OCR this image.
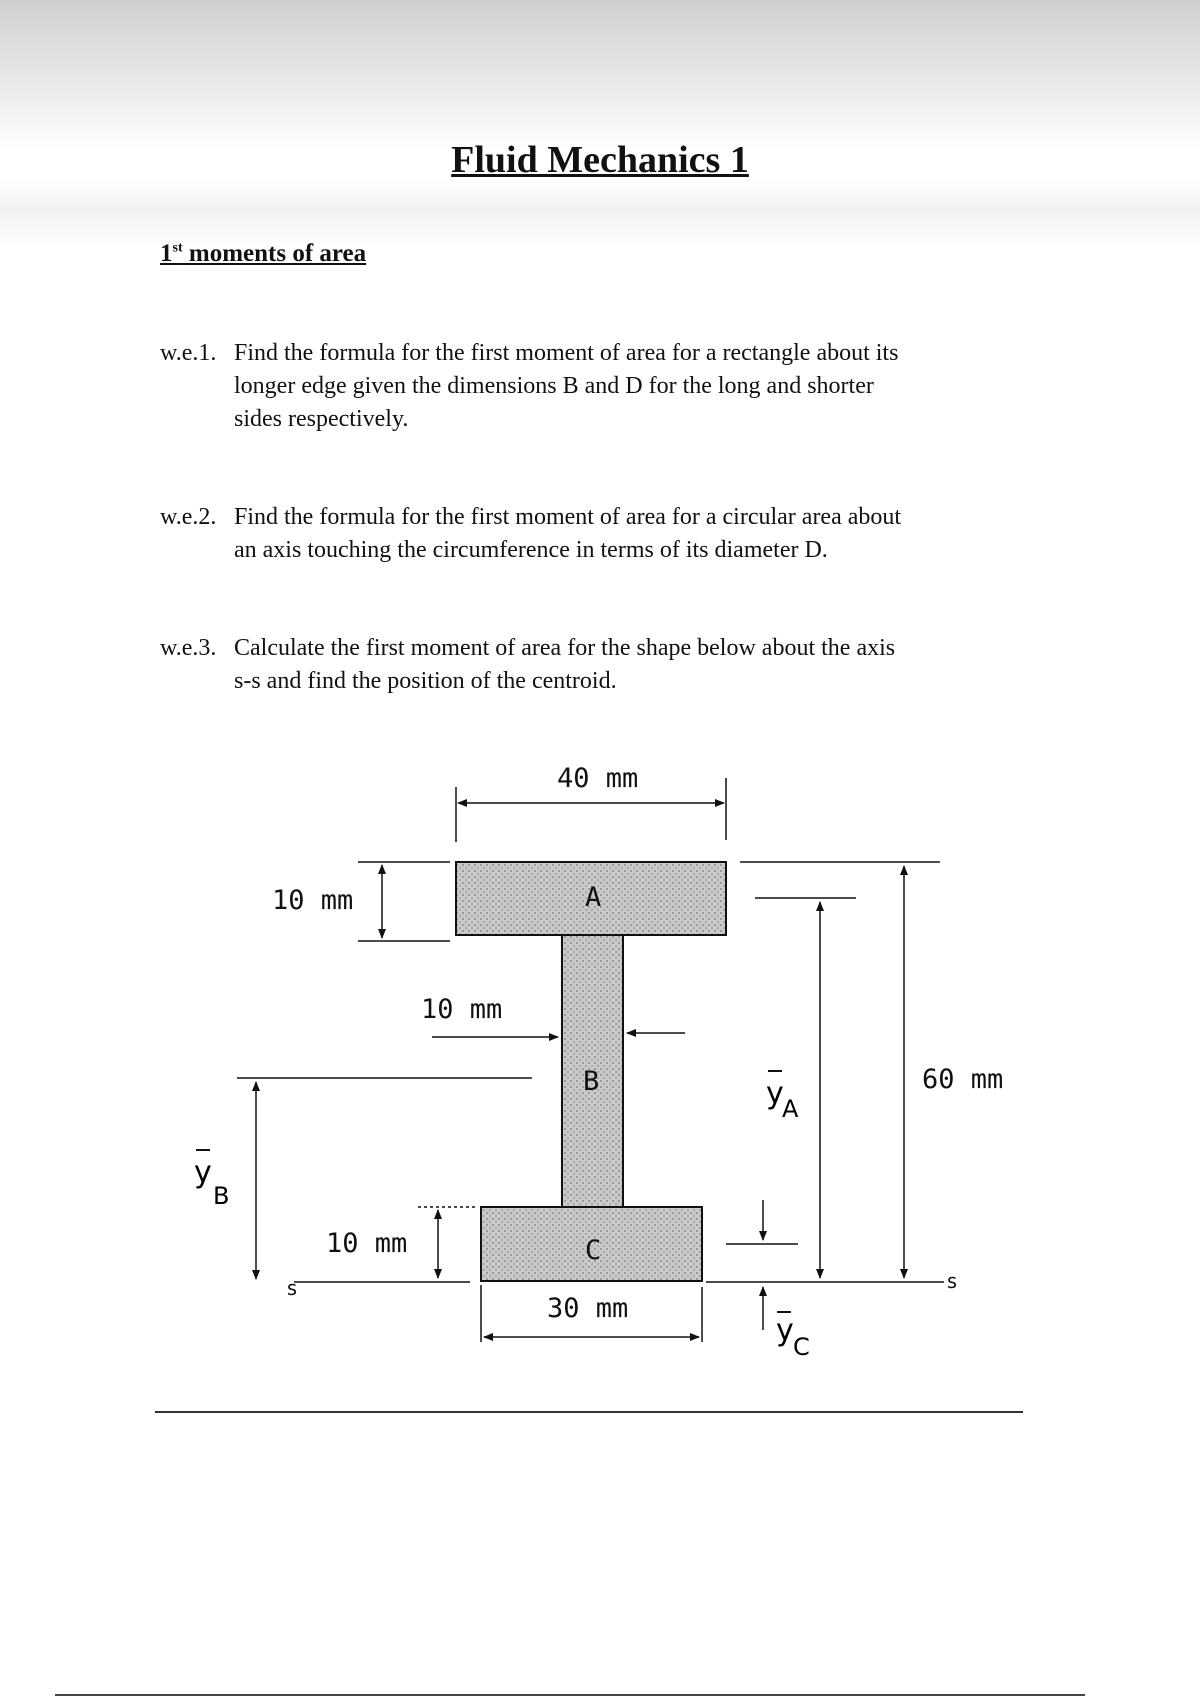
Fluid Mechanics 1
1st moments of area
w.e.1. Find the formula for the first moment of area for a rectangle about its
longer edge given the dimensions B and D for the long and shorter
sides respectively.
w.e.2. Find the formula for the first moment of area for a circular area about
an axis touching the circumference in terms of its diameter D.
w.e.3. Calculate the first moment of area for the shape below about the axis
s-s and find the position of the centroid.
40 mm
10 mm
10 mm
10 mm
30 mm
60 mm
A
B
C
s	s
y
B
y
A
y C
